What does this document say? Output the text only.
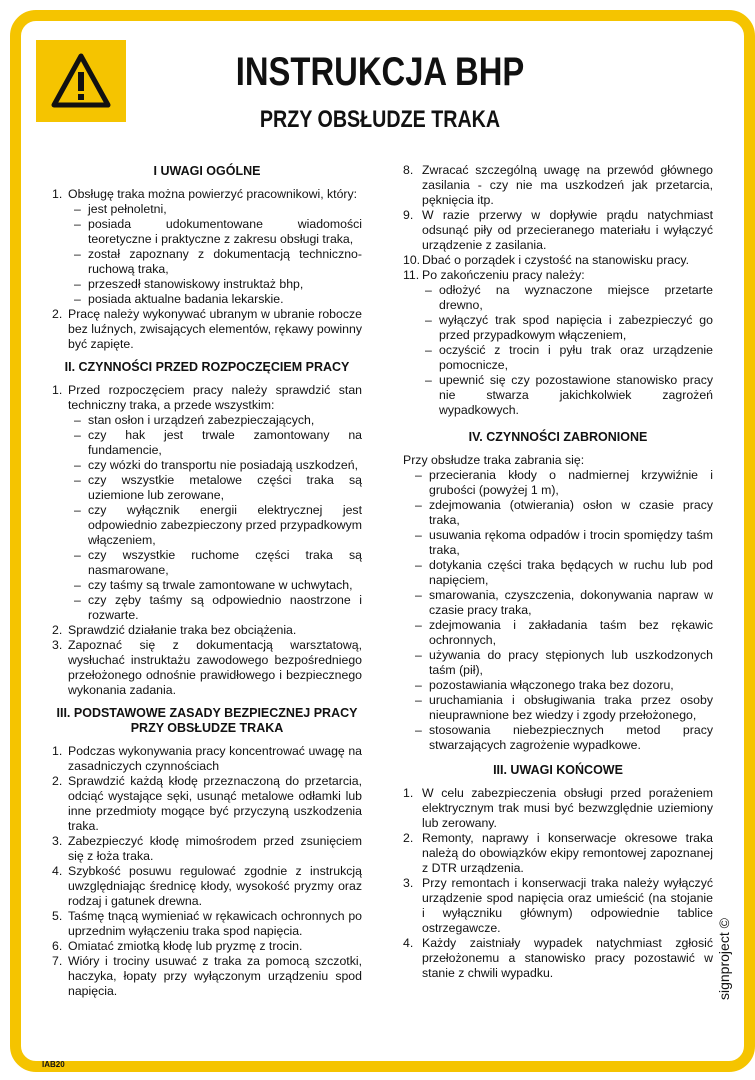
INSTRUKCJA BHP
PRZY OBSŁUDZE TRAKA
I UWAGI OGÓLNE
1. Obsługę traka można powierzyć pracownikowi, który:
– jest pełnoletni,
– posiada udokumentowane wiadomości teoretyczne i praktyczne z zakresu obsługi traka,
– został zapoznany z dokumentacją techniczno-ruchową traka,
– przeszedł stanowiskowy instruktaż bhp,
– posiada aktualne badania lekarskie.
2. Pracę należy wykonywać ubranym w ubranie robocze bez luźnych, zwisających elementów, rękawy powinny być zapięte.
II. CZYNNOŚCI PRZED ROZPOCZĘCIEM PRACY
1. Przed rozpoczęciem pracy należy sprawdzić stan techniczny traka, a przede wszystkim:
– stan osłon i urządzeń zabezpieczających,
– czy hak jest trwale zamontowany na fundamencie,
– czy wózki do transportu nie posiadają uszkodzeń,
– czy wszystkie metalowe części traka są uziemione lub zerowane,
– czy wyłącznik energii elektrycznej jest odpowiednio zabezpieczony przed przypadkowym włączeniem,
– czy wszystkie ruchome części traka są nasmarowane,
– czy taśmy są trwale zamontowane w uchwytach,
– czy zęby taśmy są odpowiednio naostrzone i rozwarte.
2. Sprawdzić działanie traka bez obciążenia.
3. Zapoznać się z dokumentacją warsztatową, wysłuchać instruktażu zawodowego bezpośredniego przełożonego odnośnie prawidłowego i bezpiecznego wykonania zadania.
III. PODSTAWOWE ZASADY BEZPIECZNEJ PRACY
PRZY OBSŁUDZE TRAKA
1. Podczas wykonywania pracy koncentrować uwagę na zasadniczych czynnościach
2. Sprawdzić każdą kłodę przeznaczoną do przetarcia, odciąć wystające sęki, usunąć metalowe odłamki lub inne przedmioty mogące być przyczyną uszkodzenia traka.
3. Zabezpieczyć kłodę mimośrodem przed zsunięciem się z łoża traka.
4. Szybkość posuwu regulować zgodnie z instrukcją uwzględniając średnicę kłody, wysokość pryzmy oraz rodzaj i gatunek drewna.
5. Taśmę tnącą wymieniać w rękawicach ochronnych po uprzednim wyłączeniu traka spod napięcia.
6. Omiatać zmiotką kłodę lub pryzmę z trocin.
7. Wióry i trociny usuwać z traka za pomocą szczotki, haczyka, łopaty przy wyłączonym urządzeniu spod napięcia.
8. Zwracać szczególną uwagę na przewód głównego zasilania - czy nie ma uszkodzeń jak przetarcia, pęknięcia itp.
9. W razie przerwy w dopływie prądu natychmiast odsunąć piły od przecieranego materiału i wyłączyć urządzenie z zasilania.
10. Dbać o porządek i czystość na stanowisku pracy.
11. Po zakończeniu pracy należy:
– odłożyć na wyznaczone miejsce przetarte drewno,
– wyłączyć trak spod napięcia i zabezpieczyć go przed przypadkowym włączeniem,
– oczyścić z trocin i pyłu trak oraz urządzenie pomocnicze,
– upewnić się czy pozostawione stanowisko pracy nie stwarza jakichkolwiek zagrożeń wypadkowych.
IV. CZYNNOŚCI ZABRONIONE
Przy obsłudze traka zabrania się:
– przecierania kłody o nadmiernej krzywiźnie i grubości (powyżej 1 m),
– zdejmowania (otwierania) osłon w czasie pracy traka,
– usuwania rękoma odpadów i trocin spomiędzy taśm traka,
– dotykania części traka będących w ruchu lub pod napięciem,
– smarowania, czyszczenia, dokonywania napraw w czasie pracy traka,
– zdejmowania i zakładania taśm bez rękawic ochronnych,
– używania do pracy stępionych lub uszkodzonych taśm (pił),
– pozostawiania włączonego traka bez dozoru,
– uruchamiania i obsługiwania traka przez osoby nieuprawnione bez wiedzy i zgody przełożonego,
– stosowania niebezpiecznych metod pracy stwarzających zagrożenie wypadkowe.
III. UWAGI KOŃCOWE
1. W celu zabezpieczenia obsługi przed porażeniem elektrycznym trak musi być bezwzględnie uziemiony lub zerowany.
2. Remonty, naprawy i konserwacje okresowe traka należą do obowiązków ekipy remontowej zapoznanej z DTR urządzenia.
3. Przy remontach i konserwacji traka należy wyłączyć urządzenie spod napięcia oraz umieścić (na stojanie i wyłączniku głównym) odpowiednie tablice ostrzegawcze.
4. Każdy zaistniały wypadek natychmiast zgłosić przełożonemu a stanowisko pracy pozostawić w stanie z chwili wypadku.	signproject ©
IAB20
